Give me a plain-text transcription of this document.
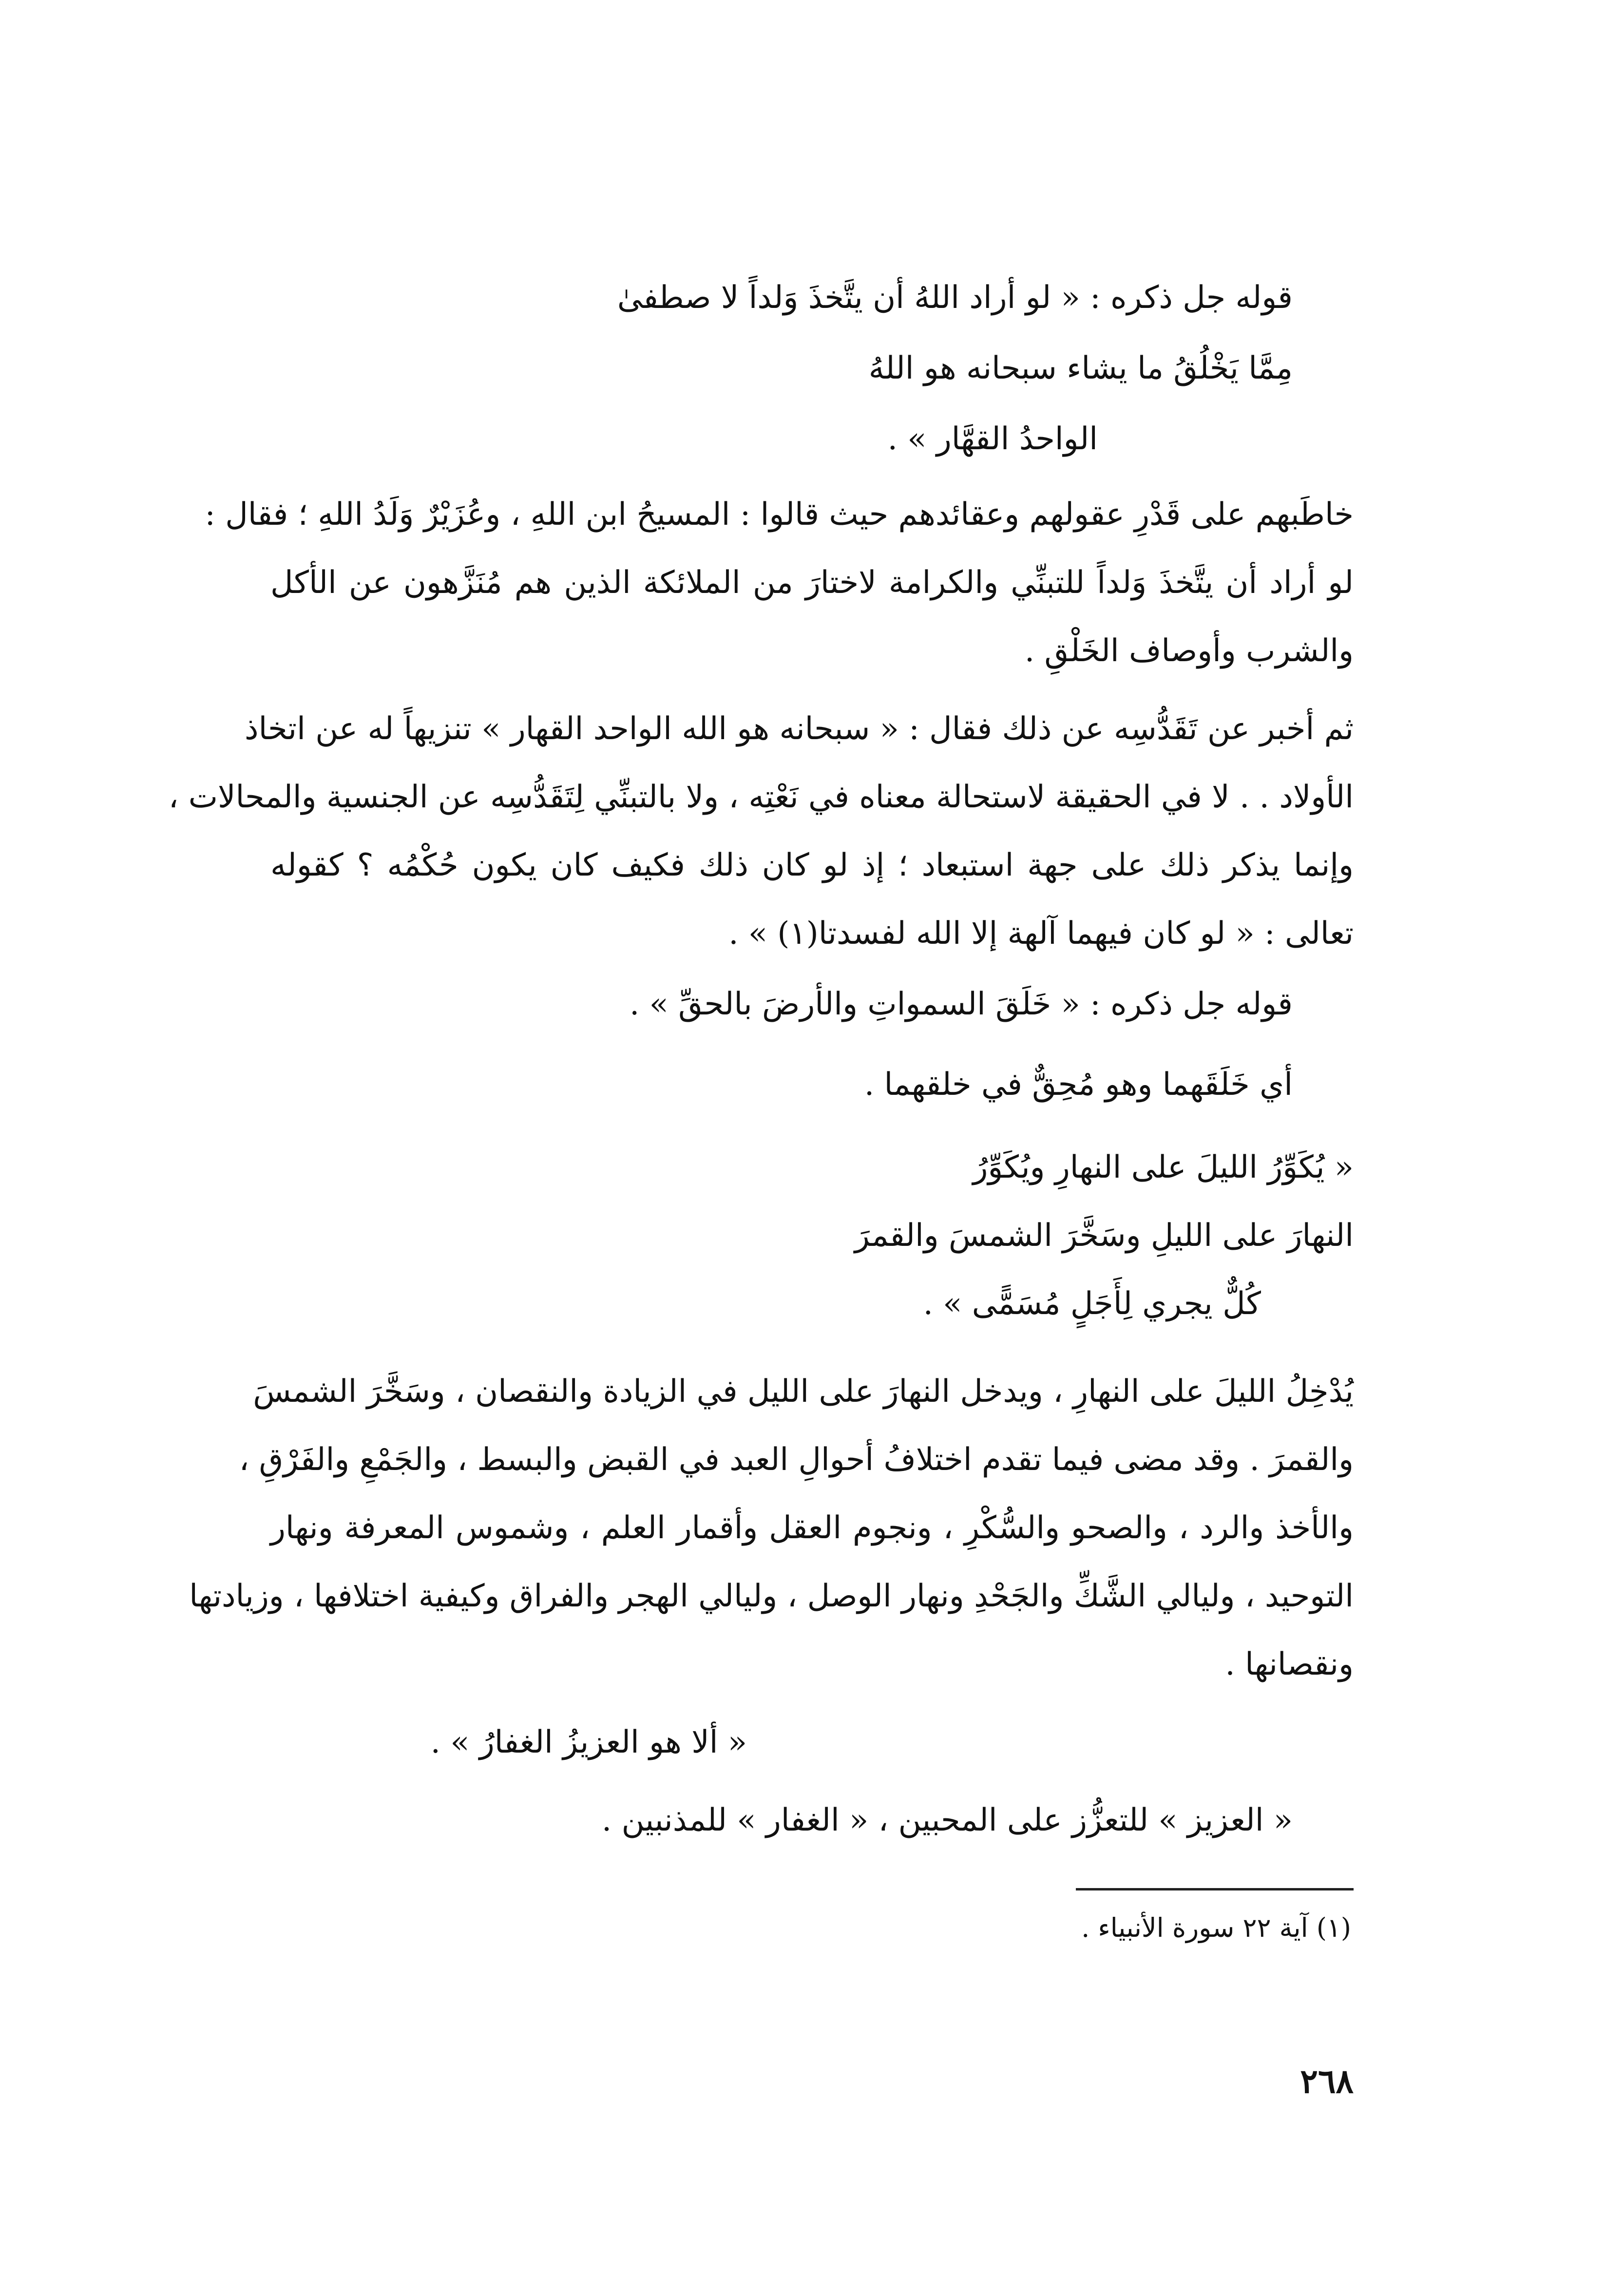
قوله جل ذكره : « لو أراد اللهُ أن يتَّخذَ وَلداً لا صطفىٰ
مِمَّا يَخْلُقُ ما يشاء سبحانه هو اللهُ
الواحدُ القهَّار » .
خاطَبهم على قَدْرِ عقولهم وعقائدهم حيث قالوا : المسيحُ ابن اللهِ ، وعُزَيْرٌ وَلَدُ اللهِ ؛ فقال :
لو أراد أن يتَّخذَ وَلداً للتبنِّي والكرامة لاختارَ من الملائكة الذين هم مُنَزَّهون عن الأكل
والشرب وأوصاف الخَلْقِ .
ثم أخبر عن تَقَدُّسِه عن ذلك فقال : « سبحانه هو الله الواحد القهار » تنزيهاً له عن اتخاذ
الأولاد . . لا في الحقيقة لاستحالة معناه في نَعْتِه ، ولا بالتبنِّي لِتَقَدُّسِه عن الجنسية والمحالات ،
وإنما يذكر ذلك على جهة استبعاد ؛ إذ لو كان ذلك فكيف كان يكون حُكْمُه ؟ كقوله
تعالى : « لو كان فيهما آلهة إلا الله لفسدتا(١) » .
قوله جل ذكره : « خَلَقَ السمواتِ والأرضَ بالحقِّ » .
أي خَلَقَهما وهو مُحِقٌّ في خلقهما .
« يُكَوِّرُ الليلَ على النهارِ ويُكَوِّرُ
النهارَ على الليلِ وسَخَّرَ الشمسَ والقمرَ
كُلٌّ يجري لِأَجَلٍ مُسَمًّى » .
يُدْخِلُ الليلَ على النهارِ ، ويدخل النهارَ على الليل في الزيادة والنقصان ، وسَخَّرَ الشمسَ
والقمرَ . وقد مضى فيما تقدم اختلافُ أحوالِ العبد في القبض والبسط ، والجَمْعِ والفَرْقِ ،
والأخذ والرد ، والصحو والسُّكْرِ ، ونجوم العقل وأقمار العلم ، وشموس المعرفة ونهار
التوحيد ، وليالي الشَّكِّ والجَحْدِ ونهار الوصل ، وليالي الهجر والفراق وكيفية اختلافها ، وزيادتها
ونقصانها .
« ألا هو العزيزُ الغفارُ » .
« العزيز » للتعزُّز على المحبين ، « الغفار » للمذنبين .
(١) آية ٢٢ سورة الأنبياء .
٢٦٨
